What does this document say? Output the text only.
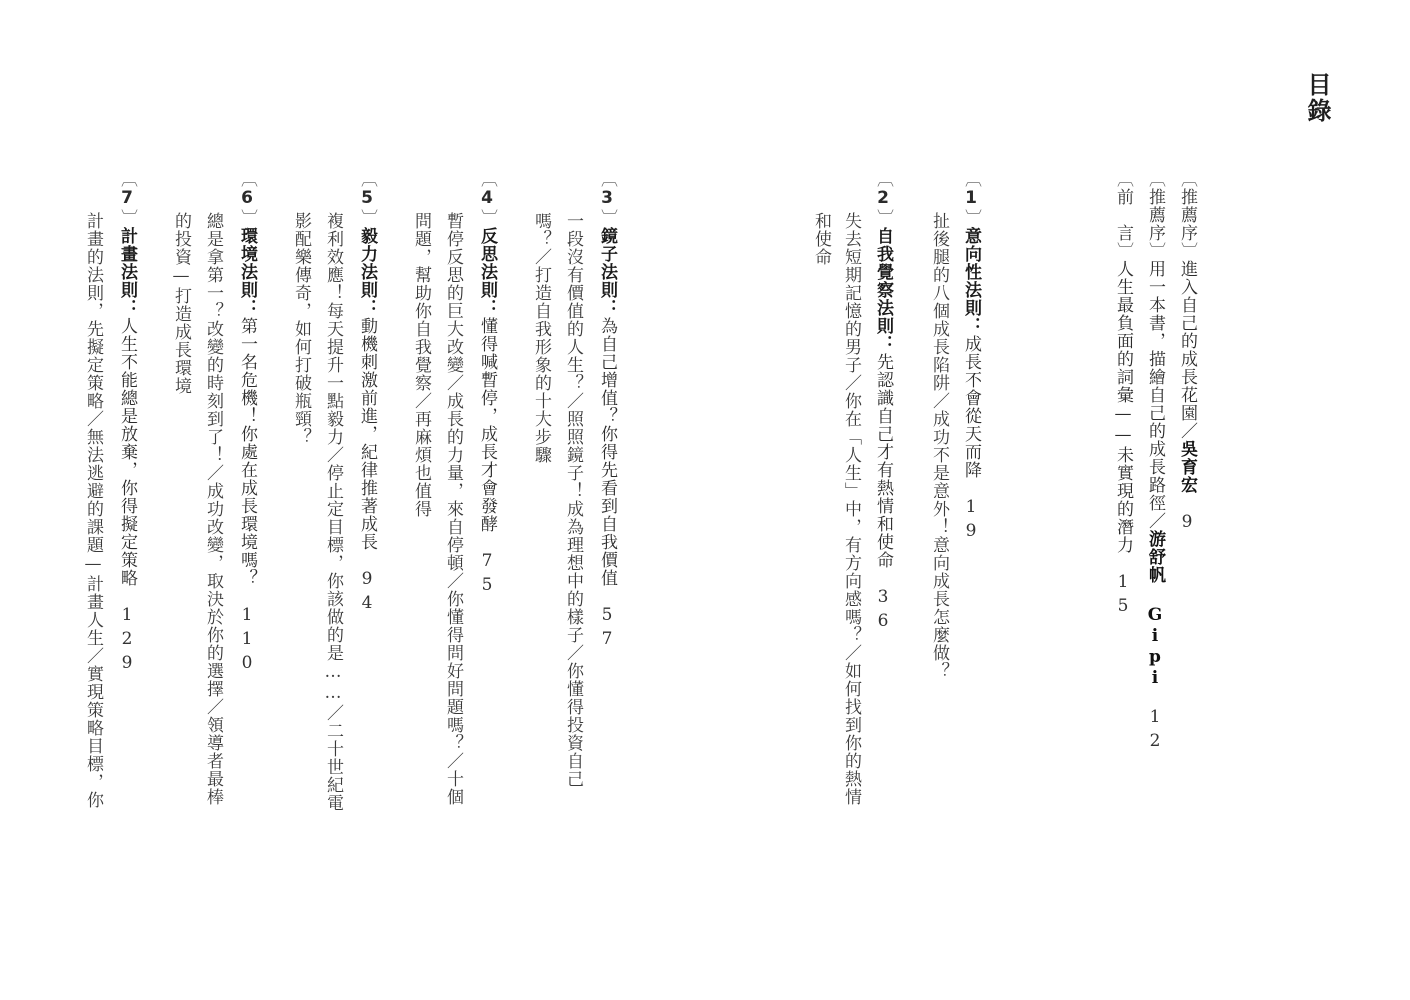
目錄
〔推薦序〕進入自己的成長花園／吳育宏9
〔推薦序〕用一本書，描繪自己的成長路徑／游舒帆 Gipi12
〔前　言〕人生最負面的詞彙——未實現的潛力15
〔1〕意向性法則：成長不會從天而降19
扯後腿的八個成長陷阱／成功不是意外！意向成長怎麼做？
〔2〕自我覺察法則：先認識自己才有熱情和使命36
失去短期記憶的男子／你在「人生」中，有方向感嗎？／如何找到你的熱情
和使命
〔3〕鏡子法則：為自己增值？你得先看到自我價值57
一段沒有價值的人生？／照照鏡子！成為理想中的樣子／你懂得投資自己
嗎？／打造自我形象的十大步驟
〔4〕反思法則：懂得喊暫停，成長才會發酵75
暫停反思的巨大改變／成長的力量，來自停頓／你懂得問好問題嗎？／十個
問題，幫助你自我覺察／再麻煩也值得
〔5〕毅力法則：動機刺激前進，紀律推著成長94
複利效應！每天提升一點毅力／停止定目標，你該做的是……／二十世紀電
影配樂傳奇，如何打破瓶頸？
〔6〕環境法則：第一名危機！你處在成長環境嗎？110
總是拿第一？改變的時刻到了！／成功改變，取決於你的選擇／領導者最棒
的投資—打造成長環境
〔7〕計畫法則：人生不能總是放棄，你得擬定策略129
計畫的法則，先擬定策略／無法逃避的課題—計畫人生／實現策略目標，你
